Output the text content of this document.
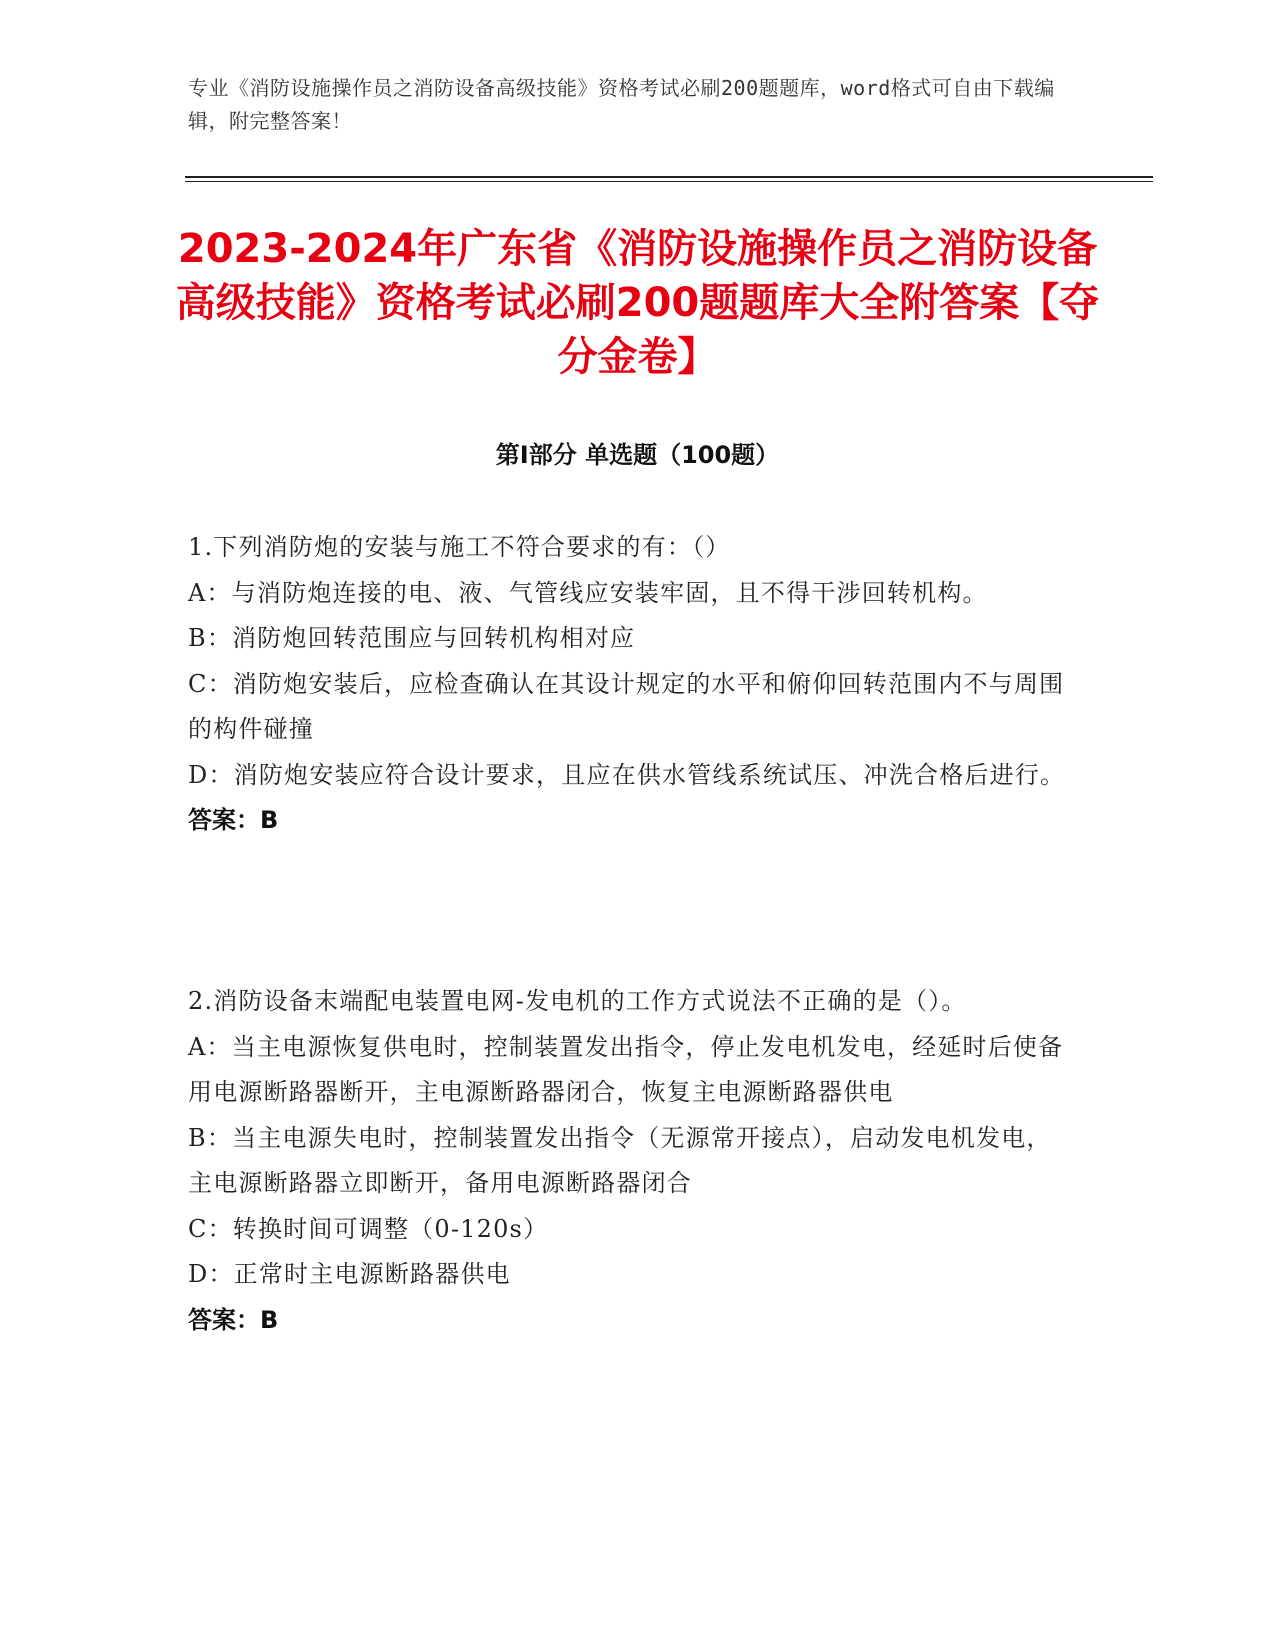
专业《消防设施操作员之消防设备高级技能》资格考试必刷200题题库，word格式可自由下载编辑，附完整答案！
2023-2024年广东省《消防设施操作员之消防设备高级技能》资格考试必刷200题题库大全附答案【夺分金卷】
第Ⅰ部分 单选题（100题）
1.下列消防炮的安装与施工不符合要求的有：（）
A：与消防炮连接的电、液、气管线应安装牢固，且不得干涉回转机构。
B：消防炮回转范围应与回转机构相对应
C：消防炮安装后，应检查确认在其设计规定的水平和俯仰回转范围内不与周围的构件碰撞
D：消防炮安装应符合设计要求，且应在供水管线系统试压、冲洗合格后进行。
答案：B
2.消防设备末端配电装置电网-发电机的工作方式说法不正确的是（）。
A：当主电源恢复供电时，控制装置发出指令，停止发电机发电，经延时后使备用电源断路器断开，主电源断路器闭合，恢复主电源断路器供电
B：当主电源失电时，控制装置发出指令（无源常开接点），启动发电机发电，主电源断路器立即断开，备用电源断路器闭合
C：转换时间可调整（0-120s）
D：正常时主电源断路器供电
答案：B
